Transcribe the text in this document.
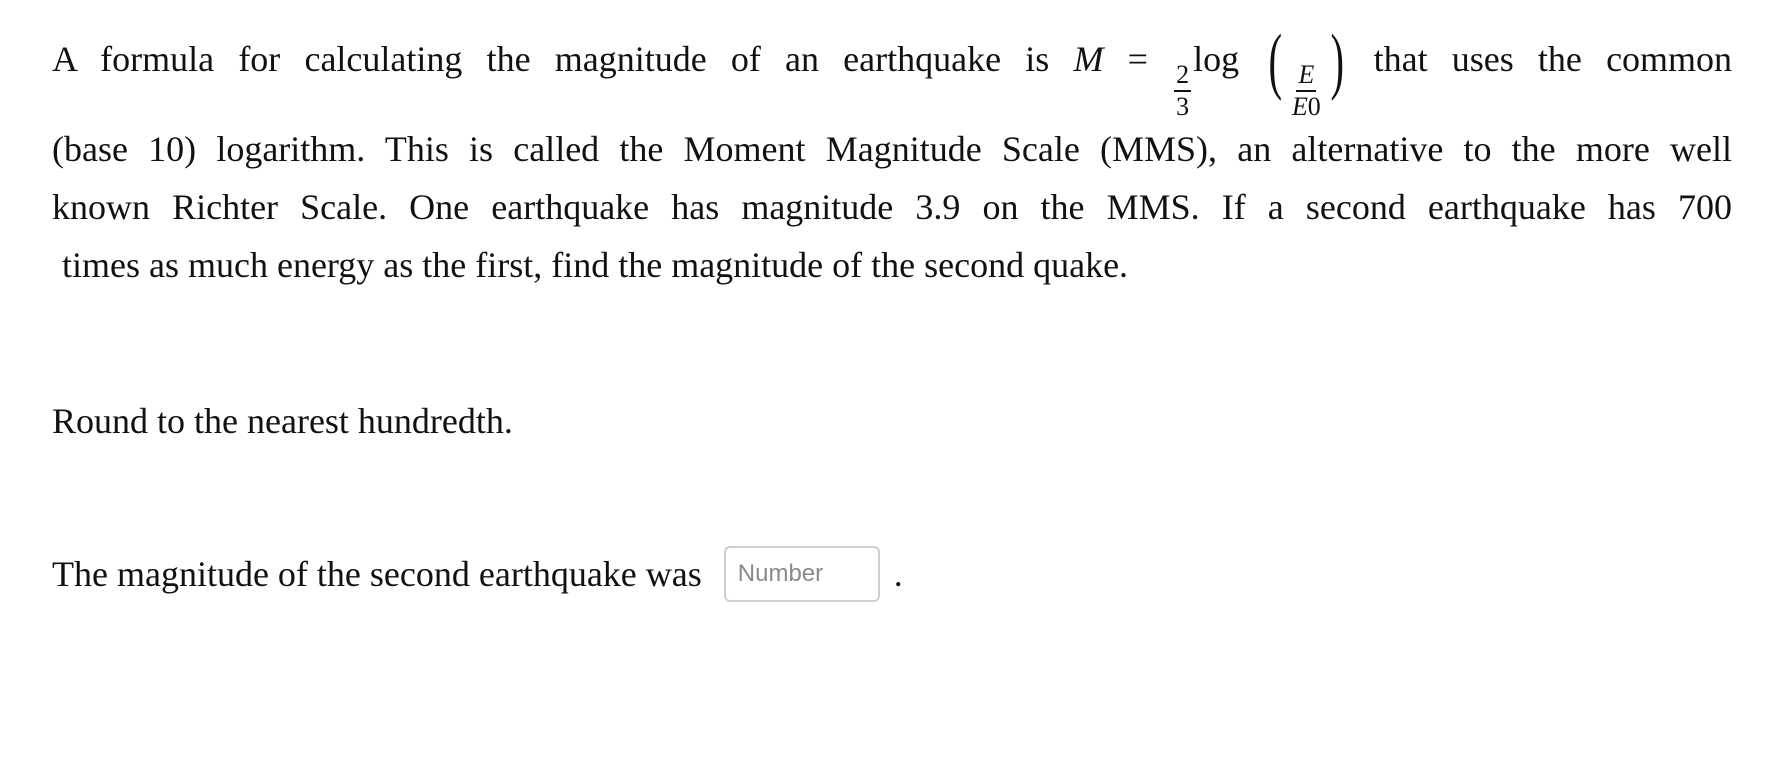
A formula for calculating the magnitude of an earthquake is M =
$\frac{2}{3}$
log ( $\frac{E}{E0}$ ) that uses the common
(base 10) logarithm. This is called the Moment Magnitude Scale (MMS), an alternative to the more well
known Richter Scale. One earthquake has magnitude 3.9 on the MMS. If a second earthquake has 700
times as much energy as the first, find the magnitude of the second quake.
Round to the nearest hundredth.
The magnitude of the second earthquake was
Number	.
